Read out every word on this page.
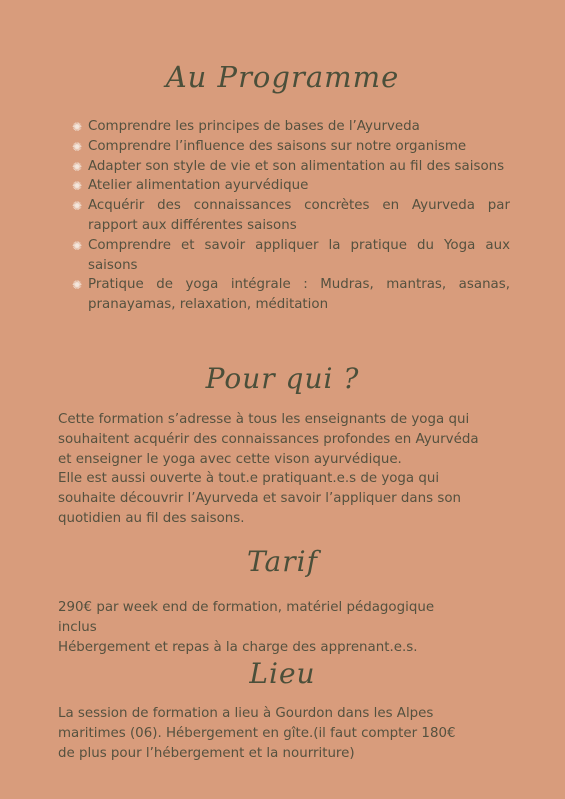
Au Programme
✺ Comprendre les principes de bases de l’Ayurveda
✺ Comprendre l’influence des saisons sur notre organisme
✺ Adapter son style de vie et son alimentation au fil des saisons
✺ Atelier alimentation ayurvédique
✺ Acquérir des connaissances concrètes en Ayurveda par rapport aux différentes saisons
✺ Comprendre et savoir appliquer la pratique du Yoga aux saisons
✺ Pratique de yoga intégrale : Mudras, mantras, asanas, pranayamas, relaxation, méditation
Pour qui ?

Cette formation s’adresse à tous les enseignants de yoga qui
souhaitent acquérir des connaissances profondes en Ayurvéda
et enseigner le yoga avec cette vison ayurvédique.
Elle est aussi ouverte à tout.e pratiquant.e.s de yoga qui
souhaite découvrir l’Ayurveda et savoir l’appliquer dans son
quotidien au fil des saisons.

Tarif

290€ par week end de formation, matériel pédagogique
inclus
Hébergement et repas à la charge des apprenant.e.s.

Lieu

La session de formation a lieu à Gourdon dans les Alpes
maritimes (06). Hébergement en gîte.(il faut compter 180€
de plus pour l’hébergement et la nourriture)
